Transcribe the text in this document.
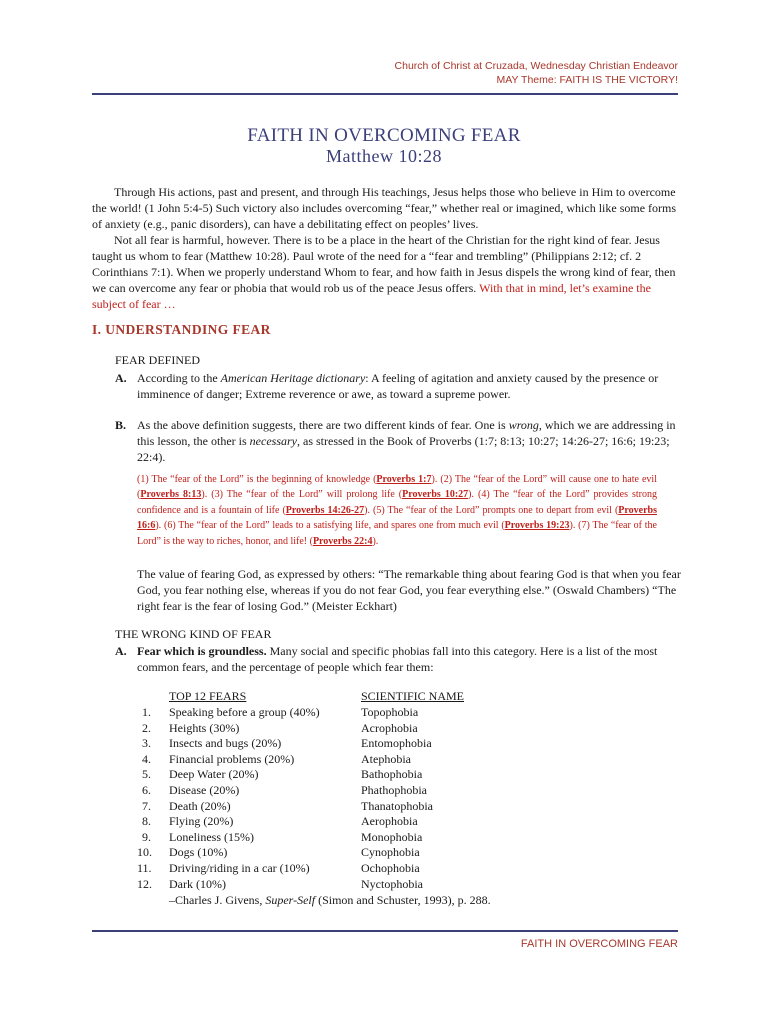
Church of Christ at Cruzada, Wednesday Christian Endeavor
MAY Theme: FAITH IS THE VICTORY!
FAITH IN OVERCOMING FEAR
Matthew 10:28
Through His actions, past and present, and through His teachings, Jesus helps those who believe in Him to overcome the world! (1 John 5:4-5) Such victory also includes overcoming “fear,” whether real or imagined, which like some forms of anxiety (e.g., panic disorders), can have a debilitating effect on peoples’ lives.
Not all fear is harmful, however. There is to be a place in the heart of the Christian for the right kind of fear. Jesus taught us whom to fear (Matthew 10:28). Paul wrote of the need for a “fear and trembling” (Philippians 2:12; cf. 2 Corinthians 7:1). When we properly understand Whom to fear, and how faith in Jesus dispels the wrong kind of fear, then we can overcome any fear or phobia that would rob us of the peace Jesus offers. With that in mind, let’s examine the subject of fear …
I. UNDERSTANDING FEAR
FEAR DEFINED
A. According to the American Heritage dictionary: A feeling of agitation and anxiety caused by the presence or imminence of danger; Extreme reverence or awe, as toward a supreme power.
B. As the above definition suggests, there are two different kinds of fear. One is wrong, which we are addressing in this lesson, the other is necessary, as stressed in the Book of Proverbs (1:7; 8:13; 10:27; 14:26-27; 16:6; 19:23; 22:4).
(1) The “fear of the Lord” is the beginning of knowledge (Proverbs 1:7). (2) The “fear of the Lord” will cause one to hate evil (Proverbs 8:13). (3) The “fear of the Lord” will prolong life (Proverbs 10:27). (4) The “fear of the Lord” provides strong confidence and is a fountain of life (Proverbs 14:26-27). (5) The “fear of the Lord” prompts one to depart from evil (Proverbs 16:6). (6) The “fear of the Lord” leads to a satisfying life, and spares one from much evil (Proverbs 19:23). (7) The “fear of the Lord” is the way to riches, honor, and life! (Proverbs 22:4).
The value of fearing God, as expressed by others: “The remarkable thing about fearing God is that when you fear God, you fear nothing else, whereas if you do not fear God, you fear everything else.” (Oswald Chambers) “The right fear is the fear of losing God.” (Meister Eckhart)
THE WRONG KIND OF FEAR
A. Fear which is groundless. Many social and specific phobias fall into this category. Here is a list of the most common fears, and the percentage of people which fear them:
TOP 12 FEARS	SCIENTIFIC NAME
1. Speaking before a group (40%)	Topophobia
2. Heights (30%)	Acrophobia
3. Insects and bugs (20%)	Entomophobia
4. Financial problems (20%)	Atephobia
5. Deep Water (20%)	Bathophobia
6. Disease (20%)	Phathophobia
7. Death (20%)	Thanatophobia
8. Flying (20%)	Aerophobia
9. Loneliness (15%)	Monophobia
10. Dogs (10%)	Cynophobia
11. Driving/riding in a car (10%)	Ochophobia
12. Dark (10%)	Nyctophobia
–Charles J. Givens, Super-Self (Simon and Schuster, 1993), p. 288.
FAITH IN OVERCOMING FEAR
